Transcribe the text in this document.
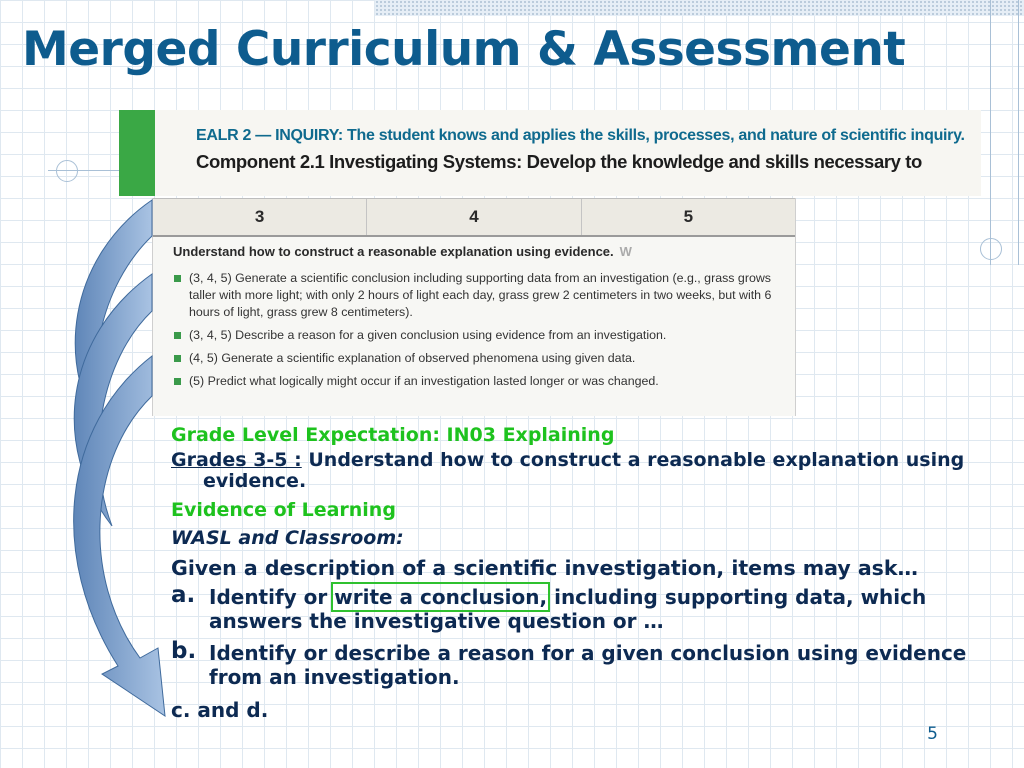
Merged Curriculum & Assessment
EALR 2 — INQUIRY: The student knows and applies the skills, processes, and nature of scientific inquiry.
Component 2.1 Investigating Systems: Develop the knowledge and skills necessary to
3	4	5
Understand how to construct a reasonable explanation using evidence. W
(3, 4, 5) Generate a scientific conclusion including supporting data from an investigation (e.g., grass grows taller with more light; with only 2 hours of light each day, grass grew 2 centimeters in two weeks, but with 6 hours of light, grass grew 8 centimeters).
(3, 4, 5) Describe a reason for a given conclusion using evidence from an investigation.
(4, 5) Generate a scientific explanation of observed phenomena using given data.
(5) Predict what logically might occur if an investigation lasted longer or was changed.

Grade Level Expectation: IN03 Explaining

Grades 3-5 : Understand how to construct a reasonable explanation using evidence.

Evidence of Learning

WASL and Classroom:

Given a description of a scientific investigation, items may ask…

a. Identify or write a conclusion, including supporting data, which answers the investigative question or …
b. Identify or describe a reason for a given conclusion using evidence from an investigation.

c. and d.

5
